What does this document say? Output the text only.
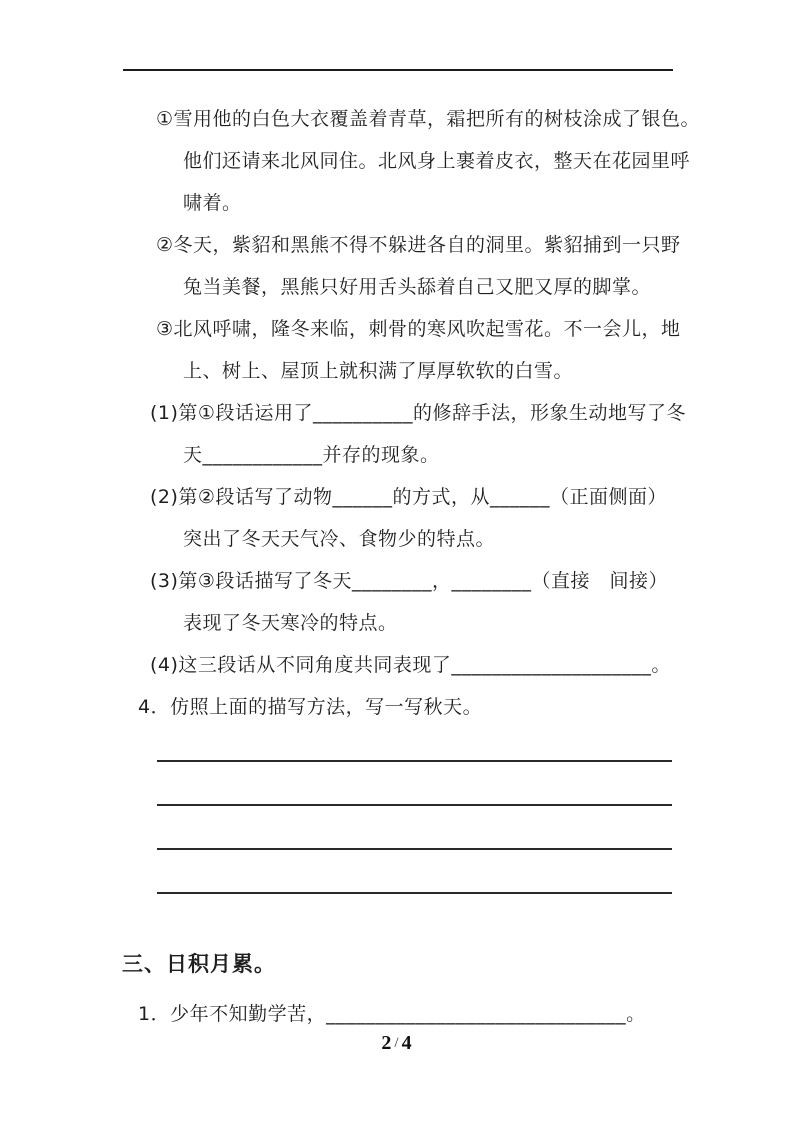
①雪用他的白色大衣覆盖着青草，霜把所有的树枝涂成了银色。
他们还请来北风同住。北风身上裹着皮衣，整天在花园里呼
啸着。
②冬天，紫貂和黑熊不得不躲进各自的洞里。紫貂捕到一只野
兔当美餐，黑熊只好用舌头舔着自己又肥又厚的脚掌。
③北风呼啸，隆冬来临，刺骨的寒风吹起雪花。不一会儿，地
上、树上、屋顶上就积满了厚厚软软的白雪。
(1)第①段话运用了__________的修辞手法，形象生动地写了冬
天____________并存的现象。
(2)第②段话写了动物______的方式，从______（正面侧面）
突出了冬天天气冷、食物少的特点。
(3)第③段话描写了冬天________，________（直接　间接）
表现了冬天寒冷的特点。
(4)这三段话从不同角度共同表现了____________________。
4．仿照上面的描写方法，写一写秋天。
三、日积月累。
1．少年不知勤学苦，______________________________。
2 / 4
